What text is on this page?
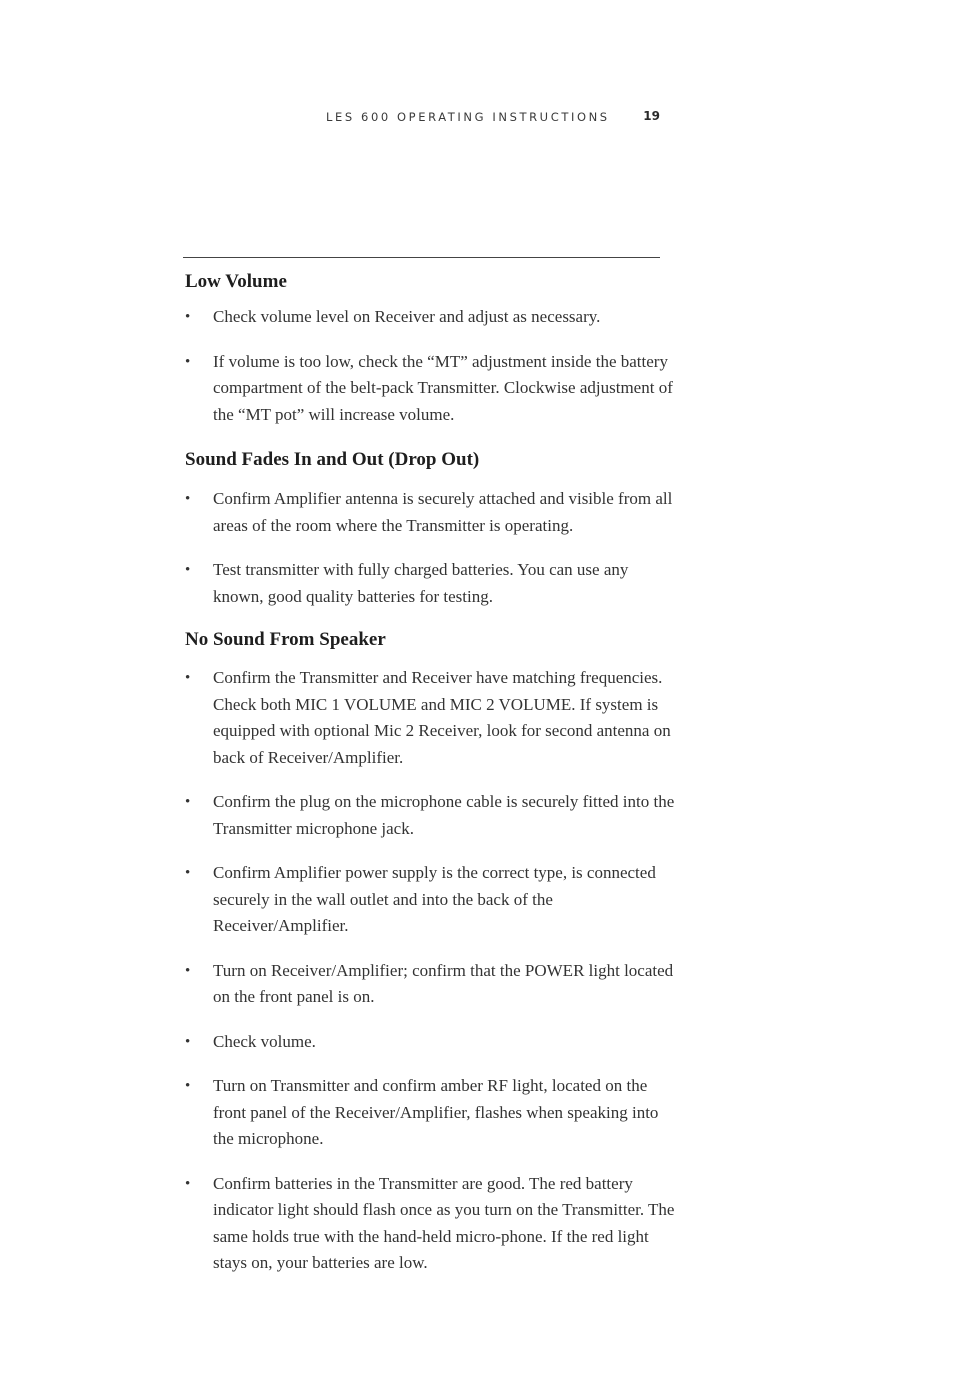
LES 600 OPERATING INSTRUCTIONS	19
Low Volume
• Check volume level on Receiver and adjust as necessary.
• If volume is too low, check the “MT” adjustment inside the battery compartment of the belt-pack Transmitter. Clockwise adjustment of the “MT pot” will increase volume.
Sound Fades In and Out (Drop Out)
• Confirm Amplifier antenna is securely attached and visible from all areas of the room where the Transmitter is operating.
• Test transmitter with fully charged batteries. You can use any known, good quality batteries for testing.
No Sound From Speaker
• Confirm the Transmitter and Receiver have matching frequencies. Check both MIC 1 VOLUME and MIC 2 VOLUME. If system is equipped with optional Mic 2 Receiver, look for second antenna on back of Receiver/Amplifier.
• Confirm the plug on the microphone cable is securely fitted into the Transmitter microphone jack.
• Confirm Amplifier power supply is the correct type, is connected securely in the wall outlet and into the back of the Receiver/Amplifier.
• Turn on Receiver/Amplifier; confirm that the POWER light located on the front panel is on.
• Check volume.
• Turn on Transmitter and confirm amber RF light, located on the front panel of the Receiver/Amplifier, flashes when speaking into the microphone.
• Confirm batteries in the Transmitter are good. The red battery indicator light should flash once as you turn on the Transmitter. The same holds true with the hand-held micro-phone. If the red light stays on, your batteries are low.
